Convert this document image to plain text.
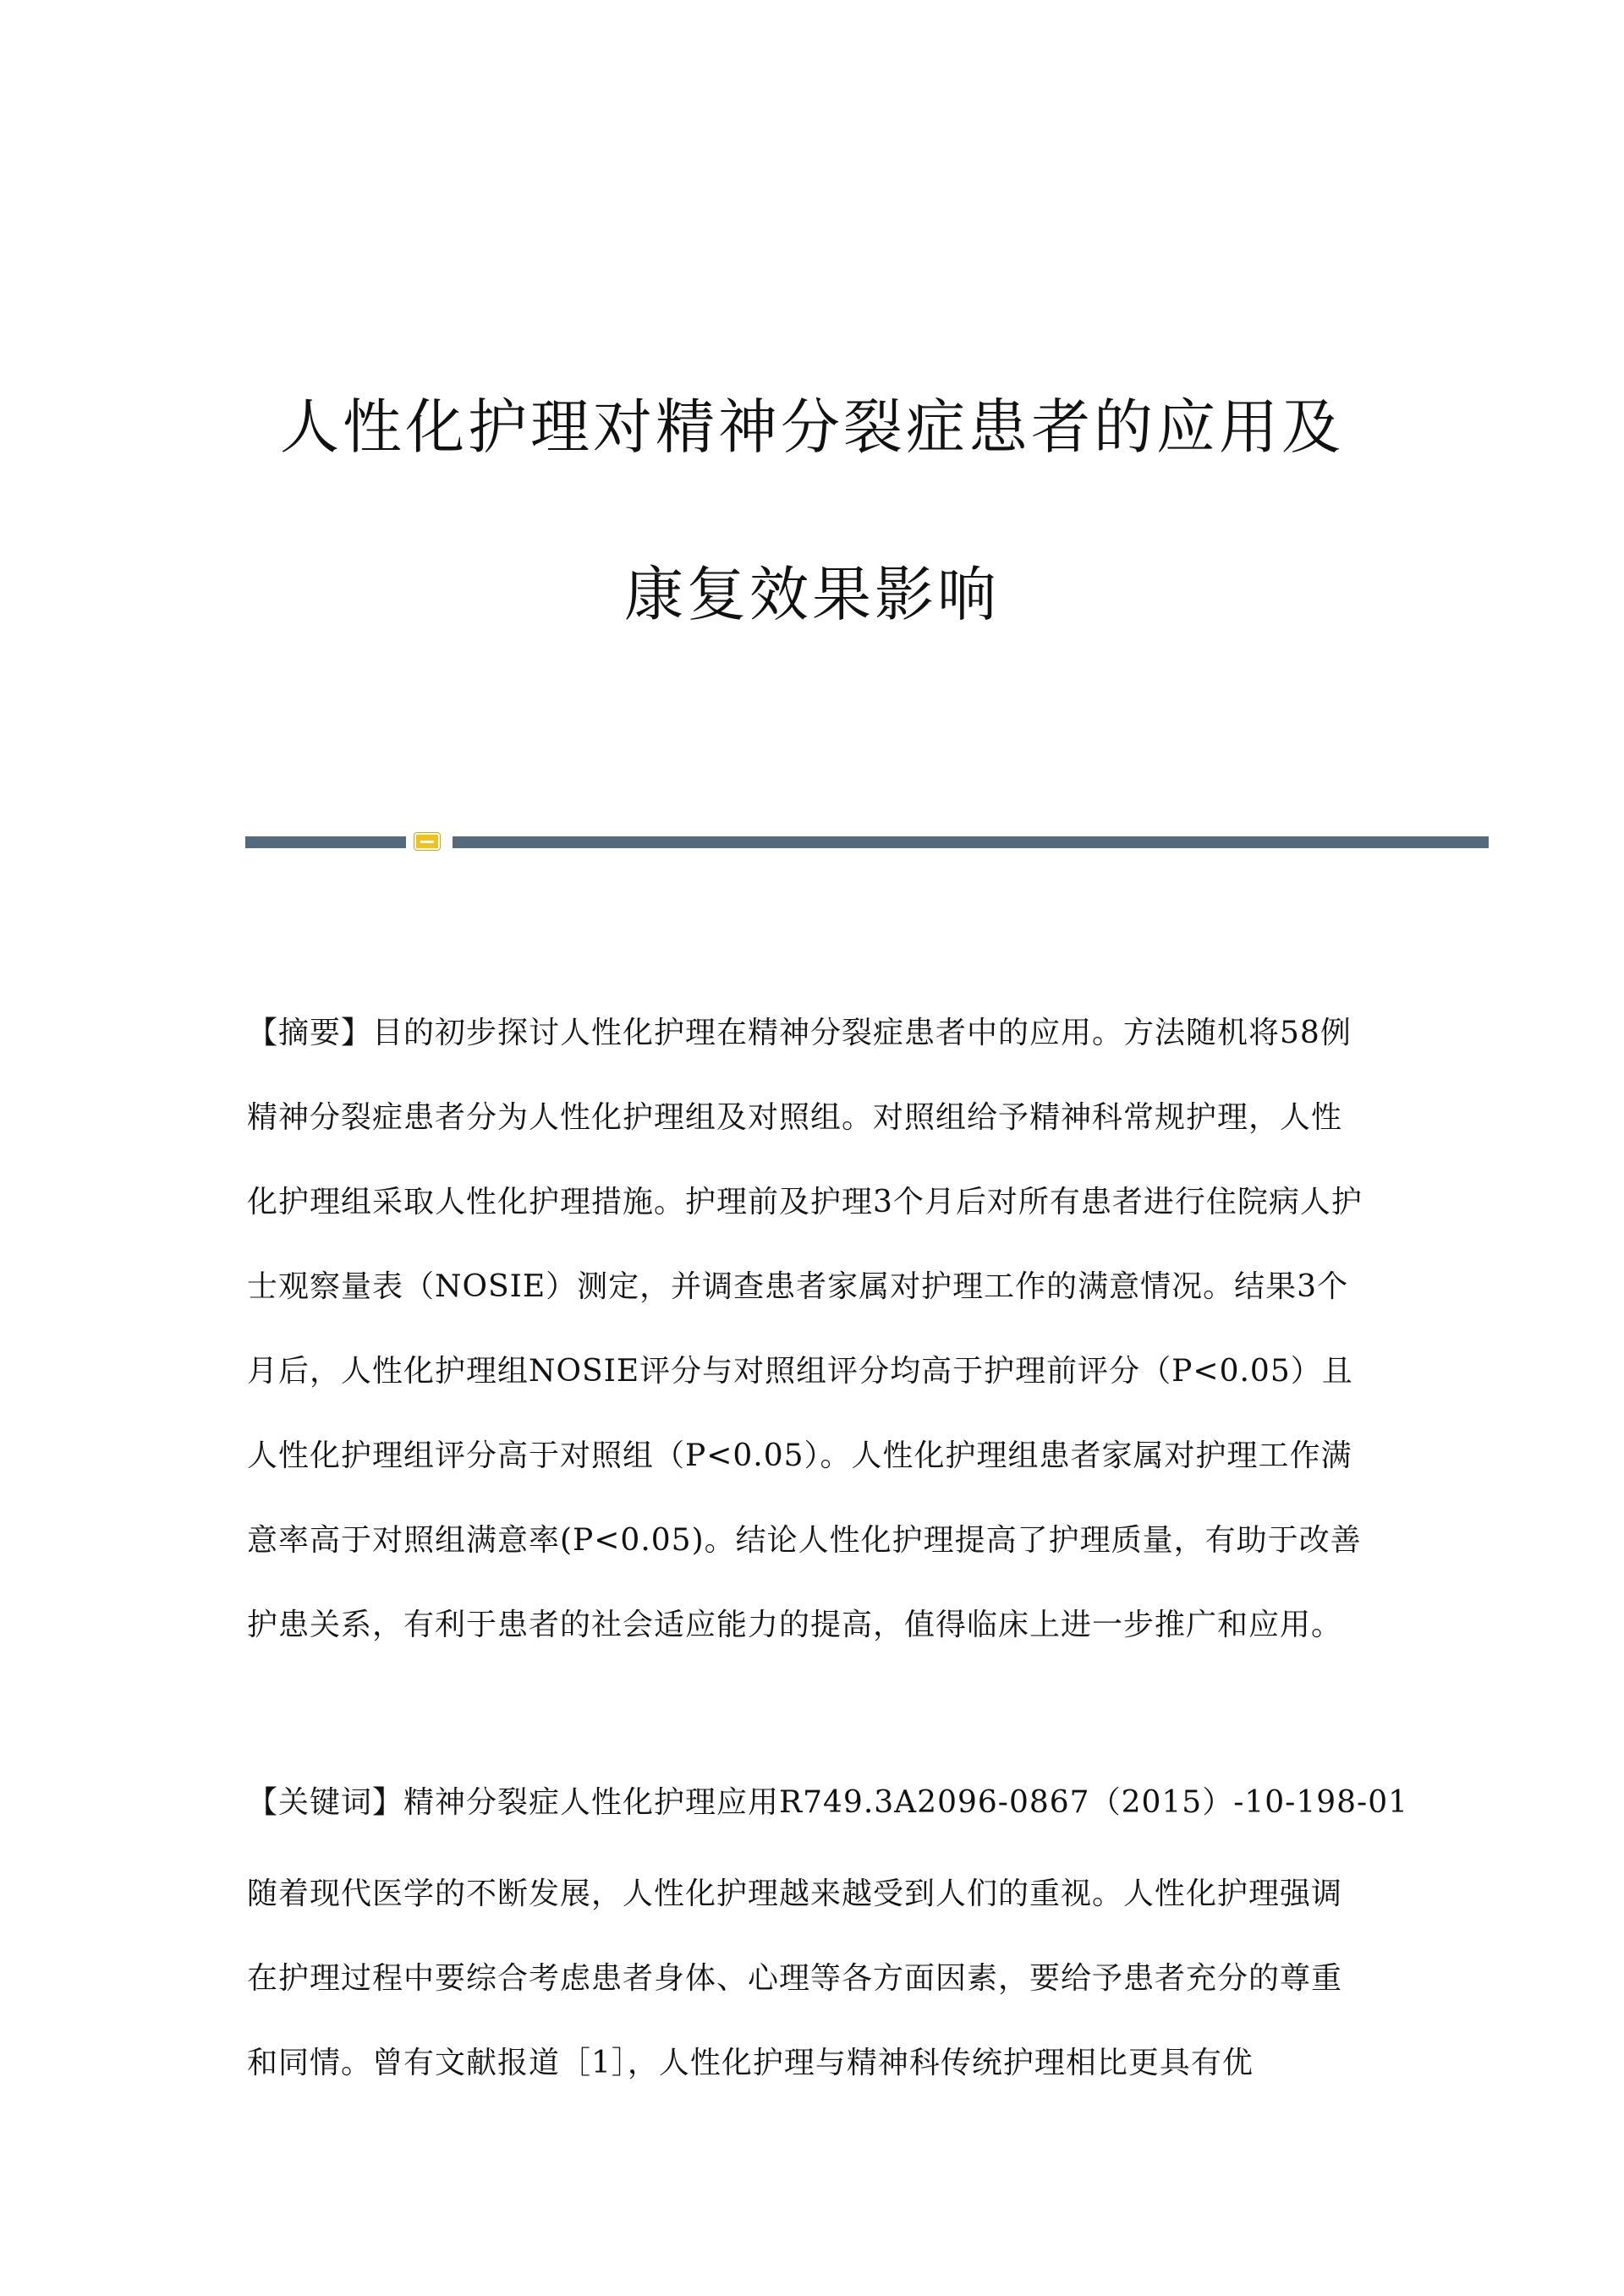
人性化护理对精神分裂症患者的应用及
康复效果影响

【摘要】目的初步探讨人性化护理在精神分裂症患者中的应用。方法随机将58例精神分裂症患者分为人性化护理组及对照组。对照组给予精神科常规护理，人性化护理组采取人性化护理措施。护理前及护理3个月后对所有患者进行住院病人护士观察量表（NOSIE）测定，并调查患者家属对护理工作的满意情况。结果3个月后，人性化护理组NOSIE评分与对照组评分均高于护理前评分（P<0.05）且人性化护理组评分高于对照组（P<0.05）。人性化护理组患者家属对护理工作满意率高于对照组满意率(P<0.05)。结论人性化护理提高了护理质量，有助于改善护患关系，有利于患者的社会适应能力的提高，值得临床上进一步推广和应用。

【关键词】精神分裂症人性化护理应用R749.3A2096-0867（2015）-10-198-01

随着现代医学的不断发展，人性化护理越来越受到人们的重视。人性化护理强调在护理过程中要综合考虑患者身体、心理等各方面因素，要给予患者充分的尊重和同情。曾有文献报道［1］，人性化护理与精神科传统护理相比更具有优
